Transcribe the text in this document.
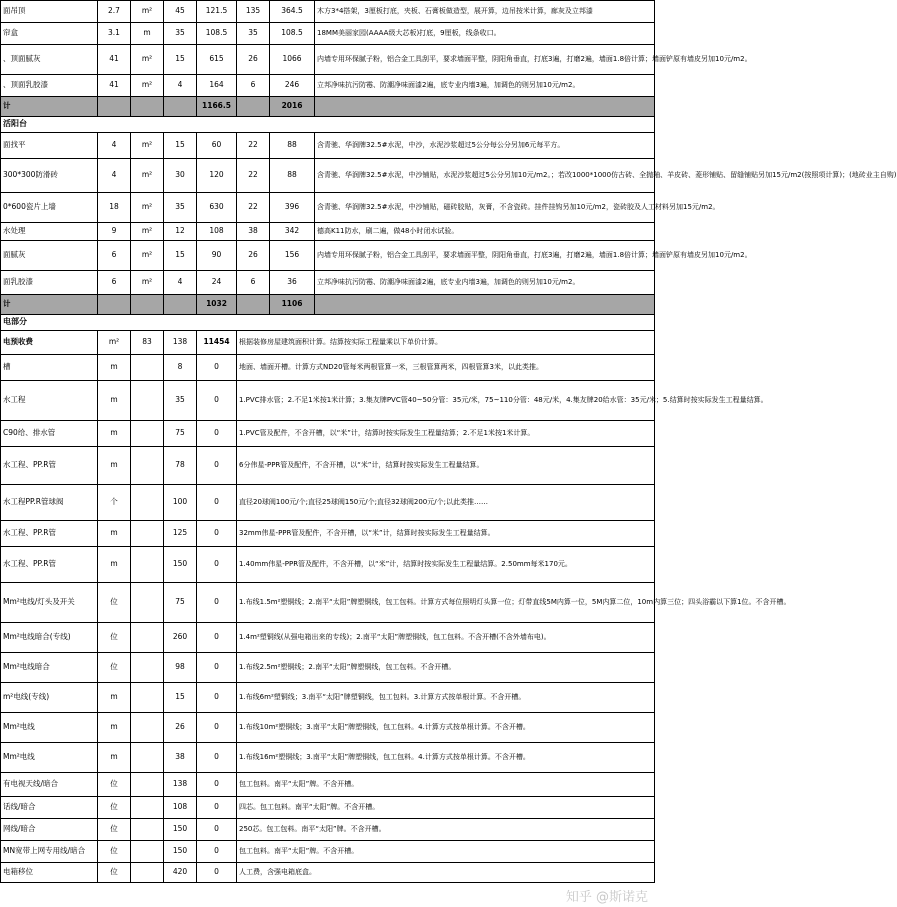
面吊顶	2.7	m²	45	121.5	135	364.5	木方3*4搭架，3厘板打底，夹板、石膏板做造型，展开算，边吊按米计算，廊灰及立邦漆
帘盒	3.1	m	35	108.5	35	108.5	18MM美丽家园(AAAA级大芯板)打底，9厘板，线条收口。
、顶面腻灰	41	m²	15	615	26	1066	内墙专用环保腻子粉，铝合金工具刮平，要求墙面平整，阴阳角垂直，打底3遍，打磨2遍，墙面1.8倍计算；墙面铲原有墙皮另加10元/m2。
、顶面乳胶漆	41	m²	4	164	6	246	立邦净味抗污防霉、防潮净味面漆2遍，底专业内墙3遍，加调色的则另加10元/m2。
计				1166.5		2016	
活阳台							
面找平	4	m²	15	60	22	88	含青驰、华润牌32.5#水泥，中沙，水泥沙浆超过5公分每公分另加6元每平方。
300*300防滑砖	4	m²	30	120	22	88	含青驰、华润牌32.5#水泥，中沙铺贴，水泥沙浆超过5公分另加10元/m2。；若改1000*1000仿古砖、全抛釉、羊皮砖、菱形铺贴、留缝铺贴另加15元/m2(按照项计算)；(地砖业主自购)
0*600瓷片上墙	18	m²	35	630	22	396	含青驰、华润牌32.5#水泥，中沙铺贴，磁砖胶贴，灰膏，不含瓷砖。挂件挂钩另加10元/m2，瓷砖胶及人工材料另加15元/m2。
水处理	9	m²	12	108	38	342	德高K11防水，刷二遍，做48小时闭水试验。
面腻灰	6	m²	15	90	26	156	内墙专用环保腻子粉，铝合金工具刮平，要求墙面平整，阴阳角垂直，打底3遍，打磨2遍，墙面1.8倍计算；墙面铲原有墙皮另加10元/m2。
面乳胶漆	6	m²	4	24	6	36	立邦净味抗污防霉、防潮净味面漆2遍，底专业内墙3遍，加调色的则另加10元/m2。
计				1032		1106	
电部分							
电预收费	m²	83	138	11454	根据装修房屋建筑面积计算。结算按实际工程量乘以下单价计算。		
槽	m		8	0	地面、墙面开槽。计算方式ND20管每米两根管算一米，三根管算两米，四根管算3米，以此类推。		
水工程	m		35	0	1.PVC排水管；2.不足1米按1米计算；3.集友牌PVC管40~50分管：35元/米，75~110分管：48元/米，4.集友牌20给水管：35元/米；5.结算时按实际发生工程量结算。		
C90给、排水管	m		75	0	1.PVC管及配件，不含开槽，以“米”计，结算时按实际发生工程量结算；2.不足1米按1米计算。		
水工程、PP.R管	m		78	0	6分伟星-PPR管及配件，不含开槽，以“米”计，结算时按实际发生工程量结算。		
水工程PP.R管球阀	个		100	0	直径20球阀100元/个;直径25球阀150元/个;直径32球阀200元/个;以此类推……		
水工程、PP.R管	m		125	0	32mm伟星-PPR管及配件，不含开槽，以“米”计，结算时按实际发生工程量结算。		
水工程、PP.R管	m		150	0	1.40mm伟星-PPR管及配件，不含开槽，以“米”计，结算时按实际发生工程量结算。2.50mm每米170元。		
Mm²电线/灯头及开关	位		75	0	1.布线1.5m²塑铜线；2.南平“太阳”牌塑铜线，包工包料。计算方式每位照明灯头算一位；灯带直线5M内算一位，5M内算二位，10m内算三位；四头浴霸以下算1位。不含开槽。		
Mm²电线暗合(专线)	位		260	0	1.4m²塑铜线(从强电箱出来的专线)；2.南平“太阳”牌塑铜线，包工包料。不含开槽(不含外墙布电)。		
Mm²电线暗合	位		98	0	1.布线2.5m²塑铜线；2.南平“太阳”牌塑铜线，包工包料。不含开槽。		
m²电线(专线)	m		15	0	1.布线6m²塑铜线；3.南平“太阳”牌塑铜线，包工包料。3.计算方式按单根计算。不含开槽。		
Mm²电线	m		26	0	1.布线10m²塑铜线；3.南平“太阳”牌塑铜线，包工包料。4.计算方式按单根计算。不含开槽。		
Mm²电线	m		38	0	1.布线16m²塑铜线；3.南平“太阳”牌塑铜线，包工包料。4.计算方式按单根计算。不含开槽。		
有电视天线/暗合	位		138	0	包工包料。南平“太阳”牌。不含开槽。		
话线/暗合	位		108	0	四芯。包工包料。南平“太阳”牌。不含开槽。		
网线/暗合	位		150	0	250芯。包工包料。南平“太阳”牌。不含开槽。		
MN宽带上网专用线/暗合	位		150	0	包工包料。南平“太阳”牌。不含开槽。		
电箱移位	位		420	0	人工费，含强电箱底盒。		
知乎 @斯诺克
